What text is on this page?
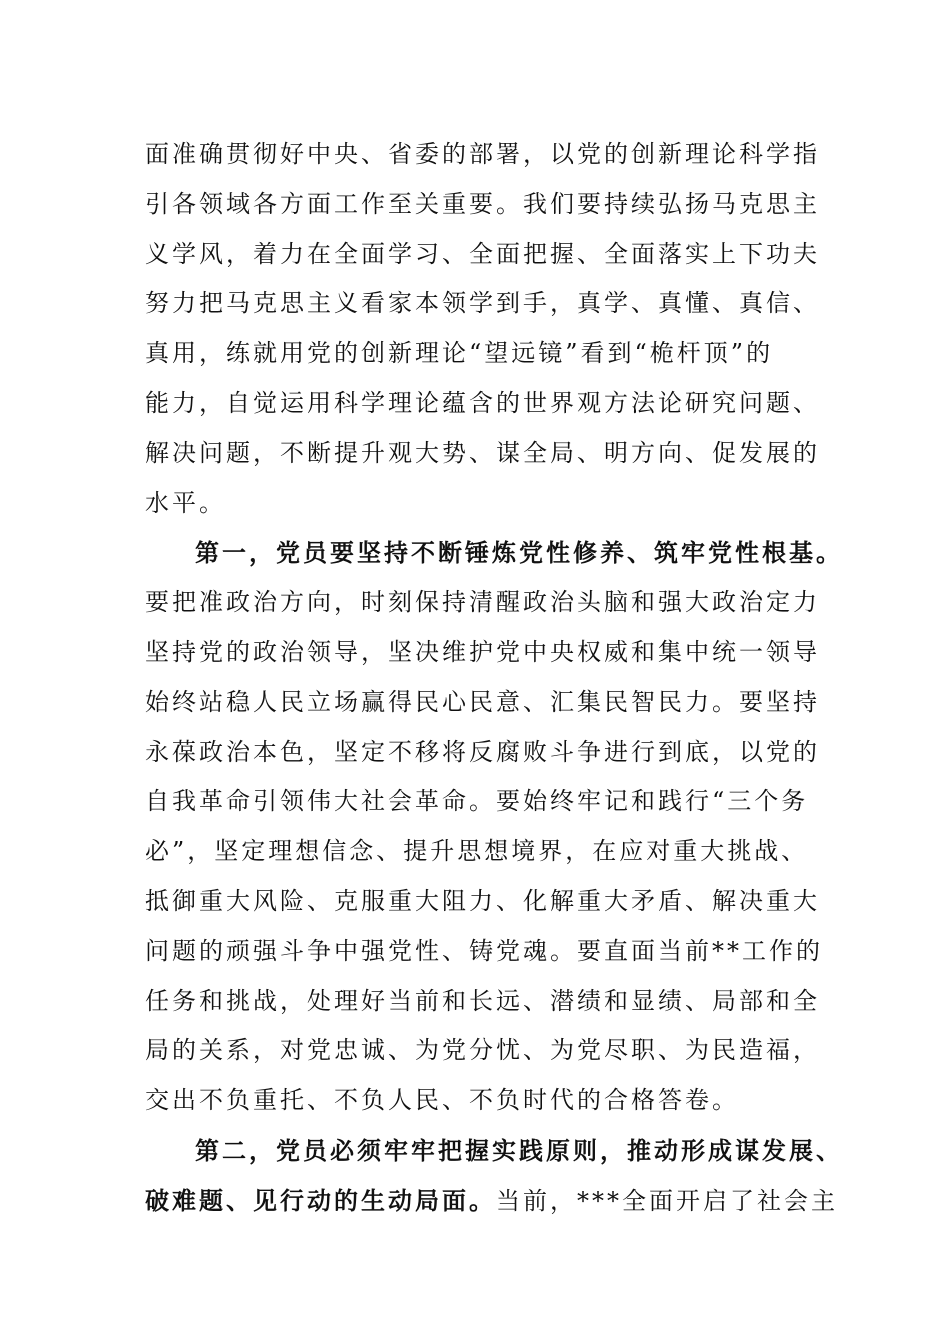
面准确贯彻好中央、省委的部署，以党的创新理论科学指
引各领域各方面工作至关重要。我们要持续弘扬马克思主
义学风，着力在全面学习、全面把握、全面落实上下功夫
努力把马克思主义看家本领学到手，真学、真懂、真信、
真用，练就用党的创新理论“望远镜”看到“桅杆顶”的
能力，自觉运用科学理论蕴含的世界观方法论研究问题、
解决问题，不断提升观大势、谋全局、明方向、促发展的
水平。
第一，党员要坚持不断锤炼党性修养、筑牢党性根基。
要把准政治方向，时刻保持清醒政治头脑和强大政治定力
坚持党的政治领导，坚决维护党中央权威和集中统一领导
始终站稳人民立场赢得民心民意、汇集民智民力。要坚持
永葆政治本色，坚定不移将反腐败斗争进行到底，以党的
自我革命引领伟大社会革命。要始终牢记和践行“三个务
必”，坚定理想信念、提升思想境界，在应对重大挑战、
抵御重大风险、克服重大阻力、化解重大矛盾、解决重大
问题的顽强斗争中强党性、铸党魂。要直面当前**工作的
任务和挑战，处理好当前和长远、潜绩和显绩、局部和全
局的关系，对党忠诚、为党分忧、为党尽职、为民造福，
交出不负重托、不负人民、不负时代的合格答卷。
第二，党员必须牢牢把握实践原则，推动形成谋发展、
破难题、见行动的生动局面。当前，***全面开启了社会主
